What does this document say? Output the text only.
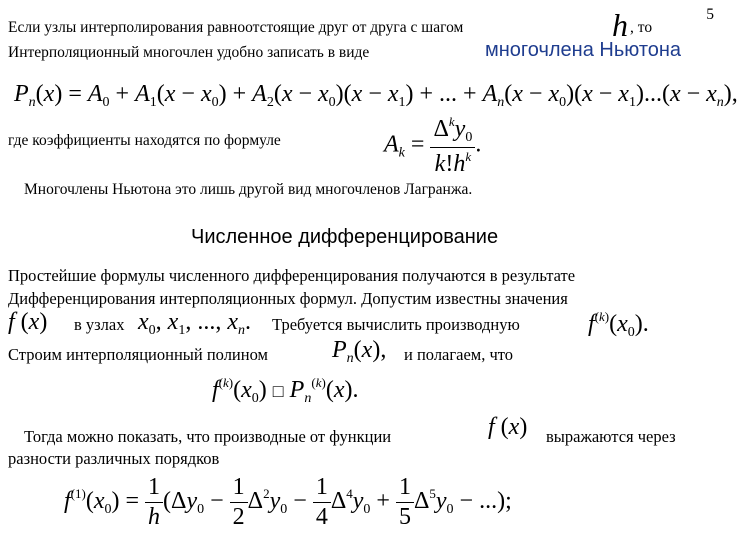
5
Если узлы интерполирования равноотстоящие друг от друга с шагом	h , то
Интерполяционный многочлен удобно записать в виде	многочлена Ньютона
$P_n(x) = A_0 + A_1(x - x_0) + A_2(x - x_0)(x - x_1)$ + ... + $A_n(x - x_0)(x - x_1)...(x - x_n)$,
где коэффициенты находятся по формуле	$A_k = \frac{\Delta^ky_0}{k!h^k}$ .
Многочлены Ньютона это лишь другой вид многочленов Лагранжа.
Численное дифференцирование
Простейшие формулы численного дифференцирования получаются в результате
Дифференцирования интерполяционных формул. Допустим известны значения
f (x) в узлах $x_0$, $x_1$, ..., $x_n$. Требуется вычислить производную	$f^{(k)}(x_0)$.
Строим интерполяционный полином	$P_n(x)$, и полагаем, что
$f^{(k)}(x_0)$ □ $P_n^{(k)}(x)$.
Тогда можно показать, что производные от функции	f (x) выражаются через
разности различных порядков
$f^{(1)}(x_0) = \frac{1}{h} (\Delta y_0 - \frac{1}{2} \Delta^2y_0 - \frac{1}{4} \Delta^4y_0 + \frac{1}{5} \Delta^5y_0$ − ...);
